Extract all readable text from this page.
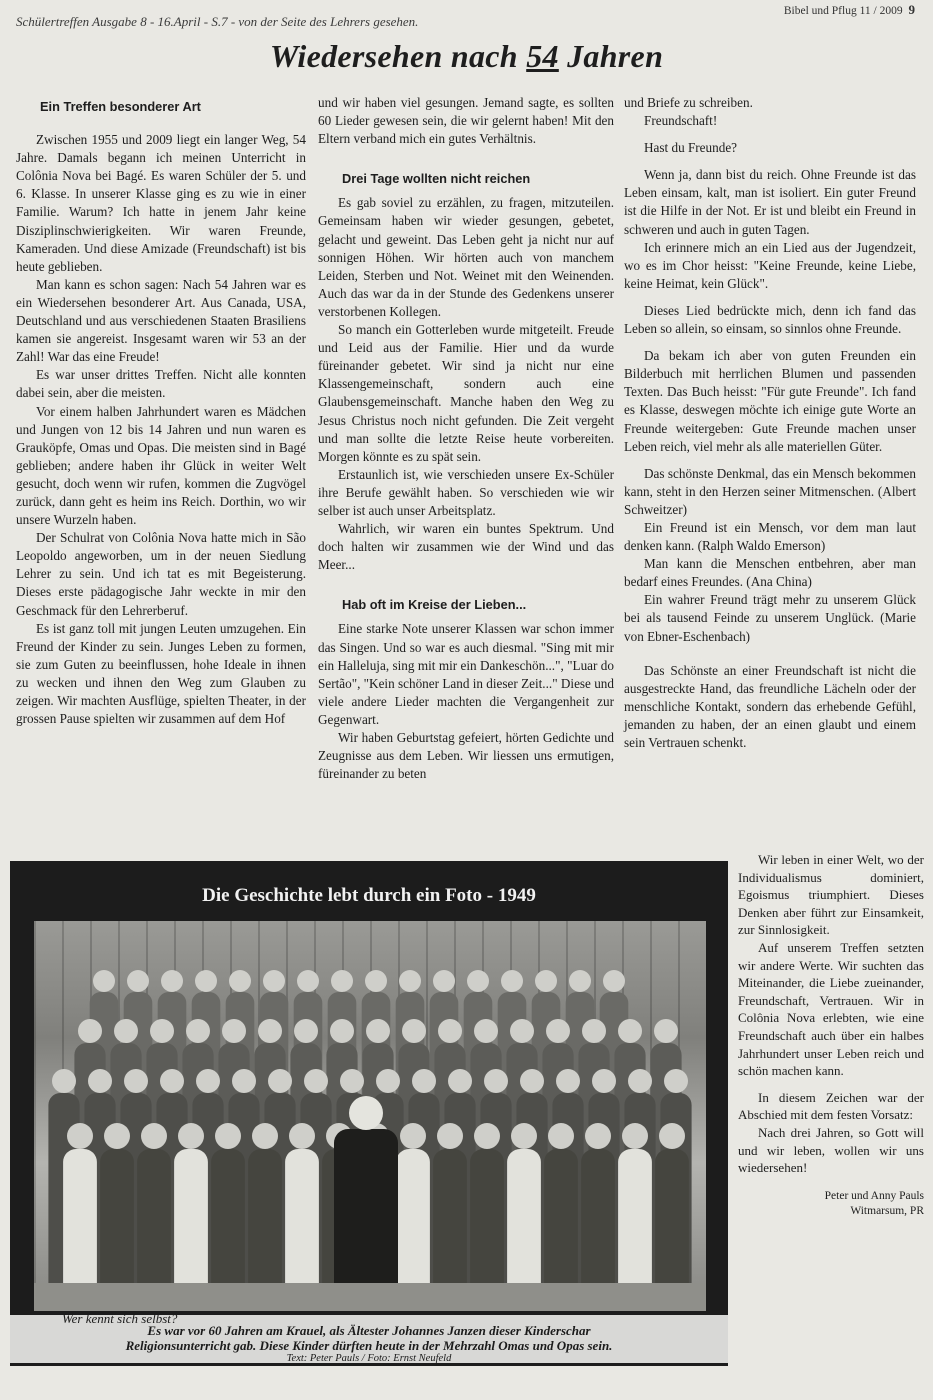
Schülertreffen Ausgabe 8 - 16.April - S.7 - von der Seite des Lehrers gesehen.
Bibel und Pflug 11 / 2009 9
Wiedersehen nach 54 Jahren
Ein Treffen besonderer Art

Zwischen 1955 und 2009 liegt ein langer Weg, 54 Jahre. Damals begann ich meinen Unterricht in Colônia Nova bei Bagé. Es waren Schüler der 5. und 6. Klasse. In unserer Klasse ging es zu wie in einer Familie. Warum? Ich hatte in jenem Jahr keine Disziplinschwierigkeiten. Wir waren Freunde, Kameraden. Und diese Amizade (Freundschaft) ist bis heute geblieben.

Man kann es schon sagen: Nach 54 Jahren war es ein Wiedersehen besonderer Art. Aus Canada, USA, Deutschland und aus verschiedenen Staaten Brasiliens kamen sie angereist. Insgesamt waren wir 53 an der Zahl! War das eine Freude!

Es war unser drittes Treffen. Nicht alle konnten dabei sein, aber die meisten.

Vor einem halben Jahrhundert waren es Mädchen und Jungen von 12 bis 14 Jahren und nun waren es Grauköpfe, Omas und Opas. Die meisten sind in Bagé geblieben; andere haben ihr Glück in weiter Welt gesucht, doch wenn wir rufen, kommen die Zugvögel zurück, dann geht es heim ins Reich. Dorthin, wo wir unsere Wurzeln haben.

Der Schulrat von Colônia Nova hatte mich in São Leopoldo angeworben, um in der neuen Siedlung Lehrer zu sein. Und ich tat es mit Begeisterung. Dieses erste pädagogische Jahr weckte in mir den Geschmack für den Lehrerberuf.

Es ist ganz toll mit jungen Leuten umzugehen. Ein Freund der Kinder zu sein. Junges Leben zu formen, sie zum Guten zu beeinflussen, hohe Ideale in ihnen zu wecken und ihnen den Weg zum Glauben zu zeigen. Wir machten Ausflüge, spielten Theater, in der grossen Pause spielten wir zusammen auf dem Hof

und wir haben viel gesungen. Jemand sagte, es sollten 60 Lieder gewesen sein, die wir gelernt haben! Mit den Eltern verband mich ein gutes Verhältnis.

Drei Tage wollten nicht reichen

Es gab soviel zu erzählen, zu fragen, mitzuteilen. Gemeinsam haben wir wieder gesungen, gebetet, gelacht und geweint. Das Leben geht ja nicht nur auf sonnigen Höhen. Wir hörten auch von manchem Leiden, Sterben und Not. Weinet mit den Weinenden. Auch das war da in der Stunde des Gedenkens unserer verstorbenen Kollegen.

So manch ein Gotterleben wurde mitgeteilt. Freude und Leid aus der Familie. Hier und da wurde füreinander gebetet. Wir sind ja nicht nur eine Klassengemeinschaft, sondern auch eine Glaubensgemeinschaft. Manche haben den Weg zu Jesus Christus noch nicht gefunden. Die Zeit vergeht und man sollte die letzte Reise heute vorbereiten. Morgen könnte es zu spät sein.

Erstaunlich ist, wie verschieden unsere Ex-Schüler ihre Berufe gewählt haben. So verschieden wie wir selber ist auch unser Arbeitsplatz.

Wahrlich, wir waren ein buntes Spektrum. Und doch halten wir zusammen wie der Wind und das Meer...

Hab oft im Kreise der Lieben...

Eine starke Note unserer Klassen war schon immer das Singen. Und so war es auch diesmal. "Sing mit mir ein Halleluja, sing mit mir ein Dankeschön...", "Luar do Sertão", "Kein schöner Land in dieser Zeit..." Diese und viele andere Lieder machten die Vergangenheit zur Gegenwart.

Wir haben Geburtstag gefeiert, hörten Gedichte und Zeugnisse aus dem Leben. Wir liessen uns ermutigen, füreinander zu beten

und Briefe zu schreiben.

Freundschaft!

Hast du Freunde?

Wenn ja, dann bist du reich. Ohne Freunde ist das Leben einsam, kalt, man ist isoliert. Ein guter Freund ist die Hilfe in der Not. Er ist und bleibt ein Freund in schweren und auch in guten Tagen.

Ich erinnere mich an ein Lied aus der Jugendzeit, wo es im Chor heisst: "Keine Freunde, keine Liebe, keine Heimat, kein Glück".

Dieses Lied bedrückte mich, denn ich fand das Leben so allein, so einsam, so sinnlos ohne Freunde.

Da bekam ich aber von guten Freunden ein Bilderbuch mit herrlichen Blumen und passenden Texten. Das Buch heisst: "Für gute Freunde". Ich fand es Klasse, deswegen möchte ich einige gute Worte an Freunde weitergeben: Gute Freunde machen unser Leben reich, viel mehr als alle materiellen Güter.

Das schönste Denkmal, das ein Mensch bekommen kann, steht in den Herzen seiner Mitmenschen. (Albert Schweitzer)

Ein Freund ist ein Mensch, vor dem man laut denken kann. (Ralph Waldo Emerson)

Man kann die Menschen entbehren, aber man bedarf eines Freundes. (Ana China)

Ein wahrer Freund trägt mehr zu unserem Glück bei als tausend Feinde zu unserem Unglück. (Marie von Ebner-Eschenbach)

Das Schönste an einer Freundschaft ist nicht die ausgestreckte Hand, das freundliche Lächeln oder der menschliche Kontakt, sondern das erhebende Gefühl, jemanden zu haben, der an einen glaubt und einem sein Vertrauen schenkt.

Die Geschichte lebt durch ein Foto - 1949
Wer kennt sich selbst?
Es war vor 60 Jahren am Krauel, als Ältester Johannes Janzen dieser Kinderschar
Religionsunterricht gab. Diese Kinder dürften heute in der Mehrzahl Omas und Opas sein.
Text: Peter Pauls / Foto: Ernst Neufeld

Wir leben in einer Welt, wo der Individualismus dominiert, Egoismus triumphiert. Dieses Denken aber führt zur Einsamkeit, zur Sinnlosigkeit.

Auf unserem Treffen setzten wir andere Werte. Wir suchten das Miteinander, die Liebe zueinander, Freundschaft, Vertrauen. Wir in Colônia Nova erlebten, wie eine Freundschaft auch über ein halbes Jahrhundert unser Leben reich und schön machen kann.

In diesem Zeichen war der Abschied mit dem festen Vorsatz:

Nach drei Jahren, so Gott will und wir leben, wollen wir uns wiedersehen!

Peter und Anny Pauls
Witmarsum, PR
